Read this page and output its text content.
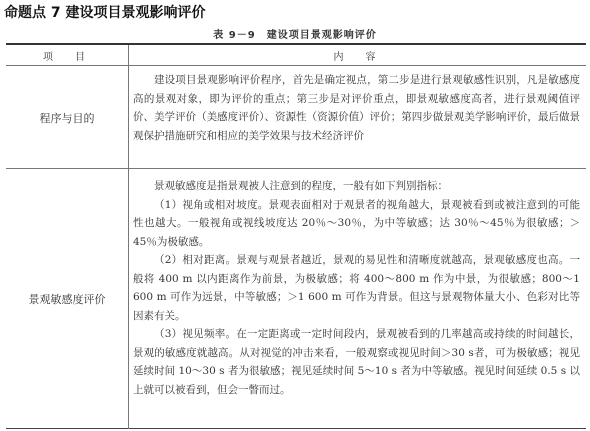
命题点 7 建设项目景观影响评价
表 9－9　建设项目景观影响评价
项　目	内　容
程序与目的

建设项目景观影响评价程序，首先是确定视点，第二步是进行景观敏感性识别，凡是敏感度高的景观对象，即为评价的重点；第三步是对评价重点，即景观敏感度高者，进行景观阈值评价、美学评价（美感度评价）、资源性（资源价值）评价；第四步做景观美学影响评价，最后做景观保护措施研究和相应的美学效果与技术经济评价

景观敏感度评价

景观敏感度是指景观被人注意到的程度，一般有如下判别指标：

（1）视角或相对坡度。景观表面相对于观景者的视角越大，景观被看到或被注意到的可能性也越大。一般视角或视线坡度达 20％～30％，为中等敏感；达 30％～45％为很敏感；＞45％为极敏感。

（2）相对距离。景观与观景者越近，景观的易见性和清晰度就越高，景观敏感度也高。一般将 400 m 以内距离作为前景，为极敏感；将 400～800 m 作为中景，为很敏感；800～1 600 m 可作为远景，中等敏感；＞1 600 m 可作为背景。但这与景观物体量大小、色彩对比等因素有关。

（3）视见频率。在一定距离或一定时间段内，景观被看到的几率越高或持续的时间越长，景观的敏感度就越高。从对视觉的冲击来看，一般观察或视见时间＞30 s者，可为极敏感；视见延续时间 10～30 s 者为很敏感；视见延续时间 5～10 s 者为中等敏感。视见时间延续 0.5 s 以上就可以被看到，但会一瞥而过。
